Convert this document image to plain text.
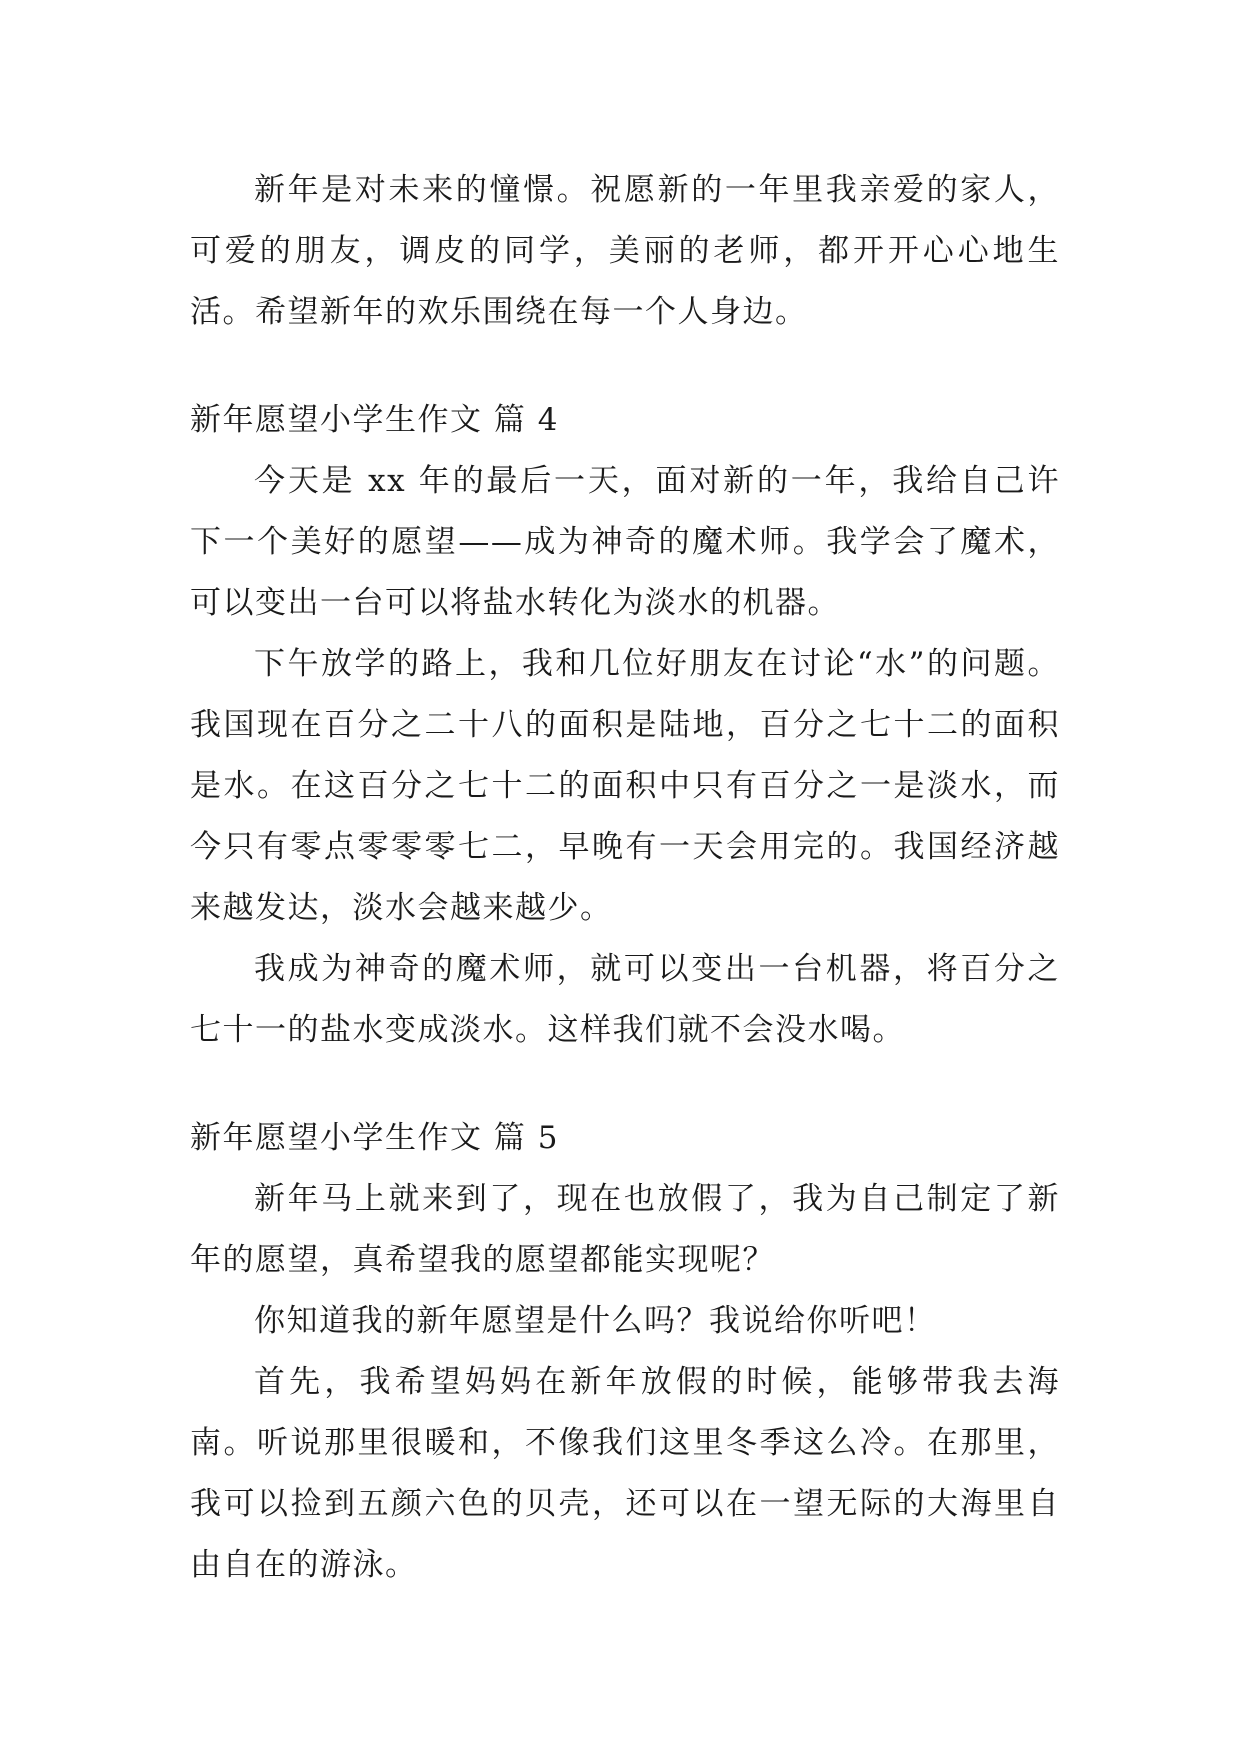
新年是对未来的憧憬。祝愿新的一年里我亲爱的家人，可爱的朋友，调皮的同学，美丽的老师，都开开心心地生活。希望新年的欢乐围绕在每一个人身边。

新年愿望小学生作文 篇 4

今天是 xx 年的最后一天，面对新的一年，我给自己许下一个美好的愿望——成为神奇的魔术师。我学会了魔术，可以变出一台可以将盐水转化为淡水的机器。

下午放学的路上，我和几位好朋友在讨论“水”的问题。我国现在百分之二十八的面积是陆地，百分之七十二的面积是水。在这百分之七十二的面积中只有百分之一是淡水，而今只有零点零零零七二，早晚有一天会用完的。我国经济越来越发达，淡水会越来越少。

我成为神奇的魔术师，就可以变出一台机器，将百分之七十一的盐水变成淡水。这样我们就不会没水喝。

新年愿望小学生作文 篇 5

新年马上就来到了，现在也放假了，我为自己制定了新年的愿望，真希望我的愿望都能实现呢？

你知道我的新年愿望是什么吗？我说给你听吧！

首先，我希望妈妈在新年放假的时候，能够带我去海南。听说那里很暖和，不像我们这里冬季这么冷。在那里，我可以捡到五颜六色的贝壳，还可以在一望无际的大海里自由自在的游泳。
